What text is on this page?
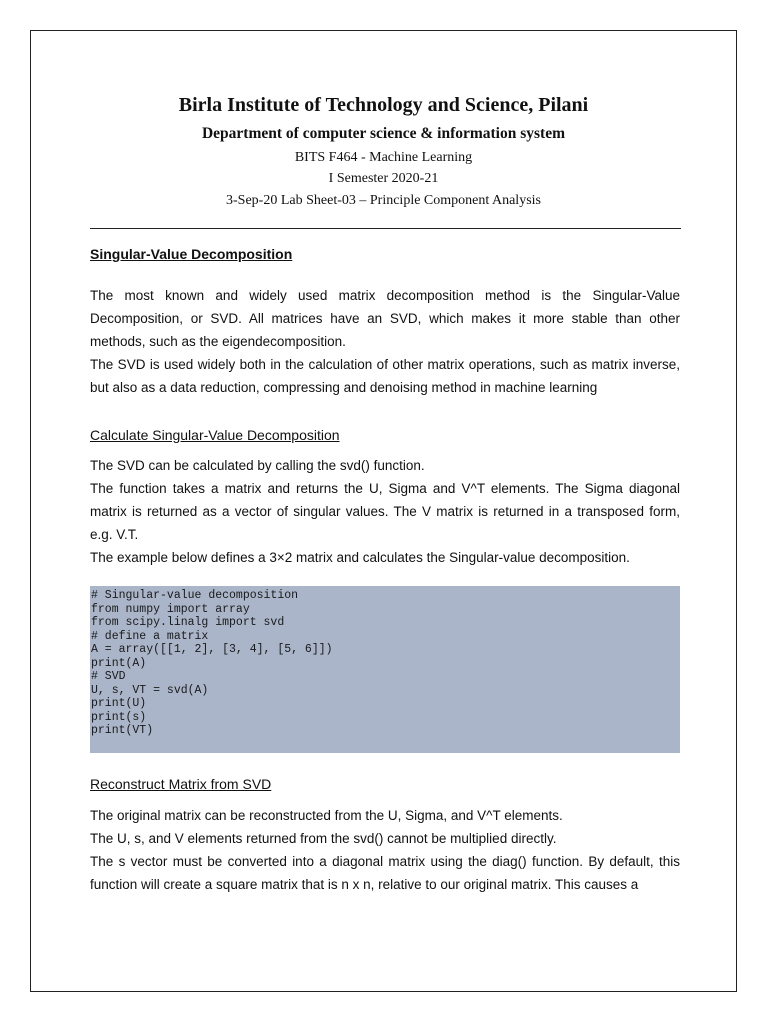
Birla Institute of Technology and Science, Pilani
Department of computer science & information system
BITS F464 - Machine Learning
I Semester 2020-21
3-Sep-20 Lab Sheet-03 – Principle Component Analysis
Singular-Value Decomposition

The most known and widely used matrix decomposition method is the Singular-Value Decomposition, or SVD. All matrices have an SVD, which makes it more stable than other methods, such as the eigendecomposition.

The SVD is used widely both in the calculation of other matrix operations, such as matrix inverse, but also as a data reduction, compressing and denoising method in machine learning

Calculate Singular-Value Decomposition

The SVD can be calculated by calling the svd() function.

The function takes a matrix and returns the U, Sigma and V^T elements. The Sigma diagonal matrix is returned as a vector of singular values. The V matrix is returned in a transposed form, e.g. V.T.

The example below defines a 3×2 matrix and calculates the Singular-value decomposition.

# Singular-value decomposition
from numpy import array
from scipy.linalg import svd
# define a matrix
A = array([[1, 2], [3, 4], [5, 6]])
print(A)
# SVD
U, s, VT = svd(A)
print(U)
print(s)
print(VT)
Reconstruct Matrix from SVD

The original matrix can be reconstructed from the U, Sigma, and V^T elements.

The U, s, and V elements returned from the svd() cannot be multiplied directly.

The s vector must be converted into a diagonal matrix using the diag() function. By default, this function will create a square matrix that is n x n, relative to our original matrix. This causes a
